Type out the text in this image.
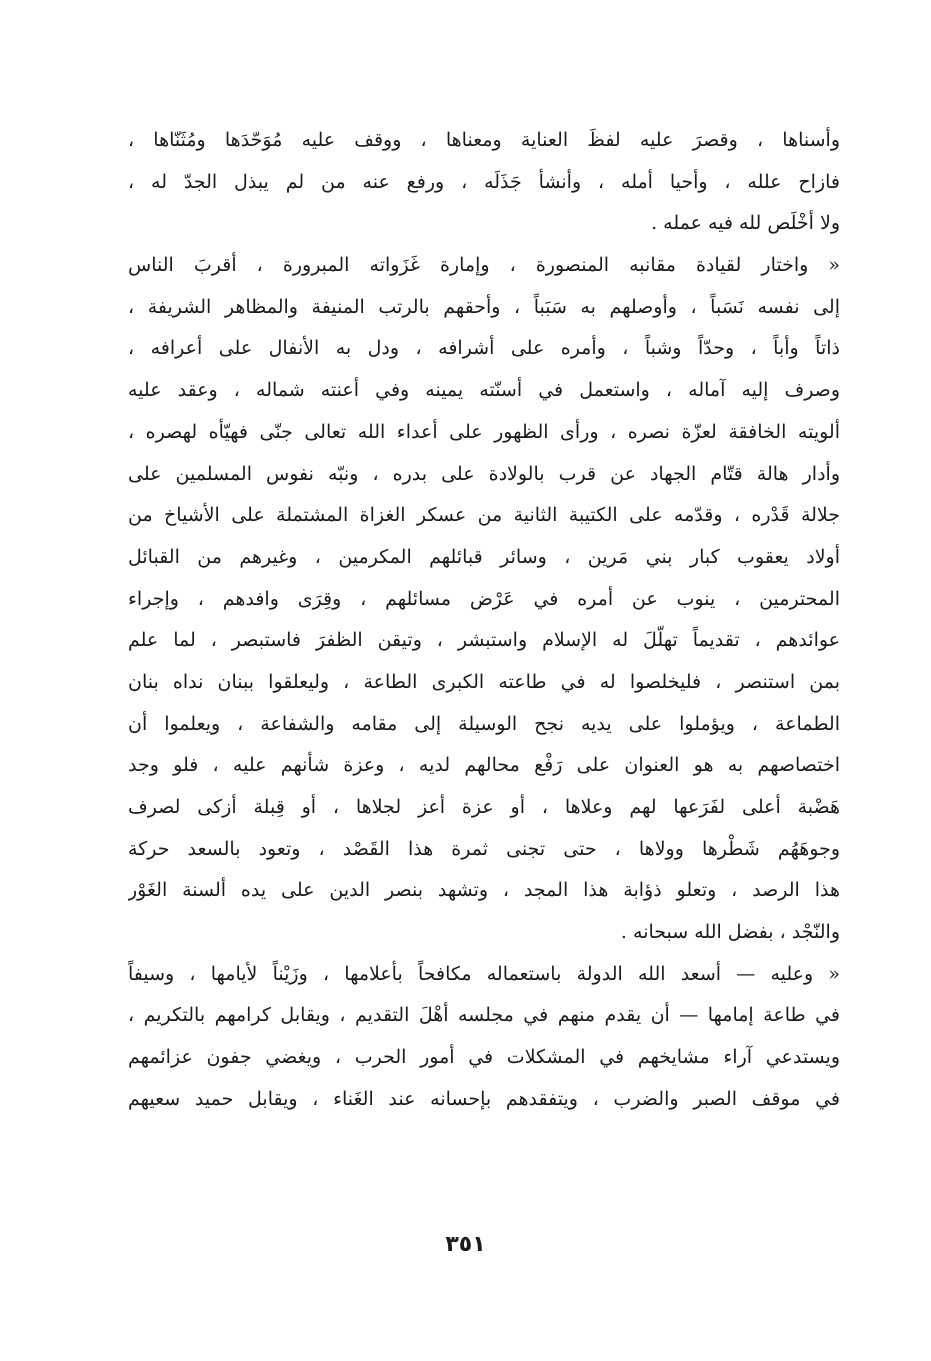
وأسناها ، وقصرَ عليه لفظَ العناية ومعناها ، ووقف عليه مُوَحّدَها ومُثَنّاها ،
فازاح علله ، وأحيا أمله ، وأنشأ جَذَلَه ، ورفع عنه من لم يبذل الجدّ له ،
ولا أخْلَص لله فيه عمله .
« واختار لقيادة مقانبه المنصورة ، وإمارة غَزَواته المبرورة ، أقربَ الناس
إلى نفسه نَسَباً ، وأوصلهم به سَبَباً ، وأحقهم بالرتب المنيفة والمظاهر الشريفة ،
ذاتاً وأباً ، وحدّاً وشباً ، وأمره على أشرافه ، ودل به الأنفال على أعرافه ،
وصرف إليه آماله ، واستعمل في أسنّته يمينه وفي أعنته شماله ، وعقد عليه
ألويته الخافقة لعزّة نصره ، ورأى الظهور على أعداء الله تعالى جنّى فهيّأه لهصره ،
وأدار هالة قتّام الجهاد عن قرب بالولادة على بدره ، ونبّه نفوس المسلمين على
جلالة قَدْره ، وقدّمه على الكتيبة الثانية من عسكر الغزاة المشتملة على الأشياخ من
أولاد يعقوب كبار بني مَرين ، وسائر قبائلهم المكرمين ، وغيرهم من القبائل
المحترمين ، ينوب عن أمره في عَرْض مسائلهم ، وقِرَى وافدهم ، وإجراء
عوائدهم ، تقديماً تهلّلَ له الإسلام واستبشر ، وتيقن الظفرَ فاستبصر ، لما علم
بمن استنصر ، فليخلصوا له في طاعته الكبرى الطاعة ، وليعلقوا ببنان نداه بنان
الطماعة ، ويؤملوا على يديه نجح الوسيلة إلى مقامه والشفاعة ، ويعلموا أن
اختصاصهم به هو العنوان على رَفْع محالهم لديه ، وعزة شأنهم عليه ، فلو وجد
هَضْبة أعلى لفَرَعها لهم وعلاها ، أو عزة أعز لجلاها ، أو قِبلة أزكى لصرف
وجوهَهُم شَطْرها وولاها ، حتى تجنى ثمرة هذا القَصْد ، وتعود بالسعد حركة
هذا الرصد ، وتعلو ذؤابة هذا المجد ، وتشهد بنصر الدين على يده ألسنة الغَوْر
والنّجْد ، بفضل الله سبحانه .
« وعليه — أسعد الله الدولة باستعماله مكافحاً بأعلامها ، وزَيْناً لأيامها ، وسيفاً
في طاعة إمامها — أن يقدم منهم في مجلسه أهْلَ التقديم ، ويقابل كرامهم بالتكريم ،
ويستدعي آراء مشايخهم في المشكلات في أمور الحرب ، ويغضي جفون عزائمهم
في موقف الصبر والضرب ، ويتفقدهم بإحسانه عند الغَناء ، ويقابل حميد سعيهم
٣٥١
